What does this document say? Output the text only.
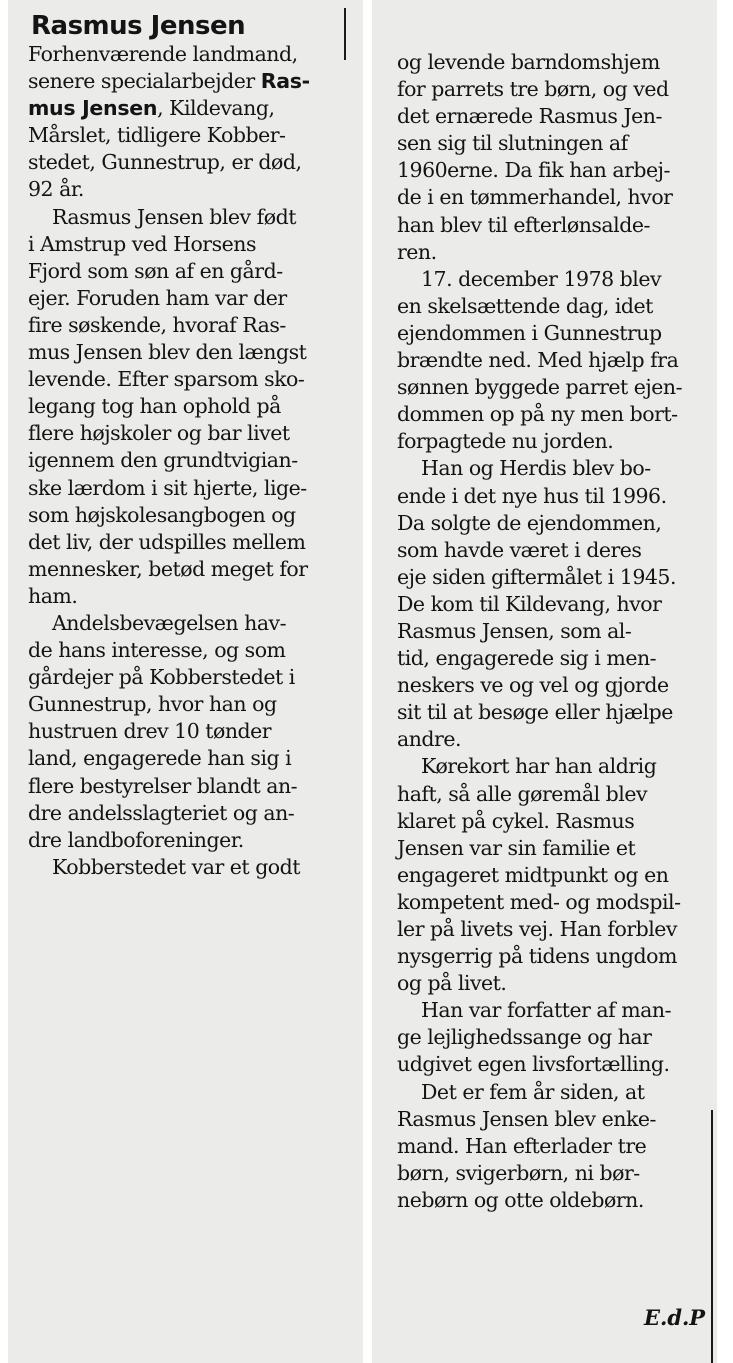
Rasmus Jensen
Forhenværende landmand,
senere specialarbejder Ras-
mus Jensen, Kildevang,
Mårslet, tidligere Kobber-
stedet, Gunnestrup, er død,
92 år.
Rasmus Jensen blev født
i Amstrup ved Horsens
Fjord som søn af en gård-
ejer. Foruden ham var der
fire søskende, hvoraf Ras-
mus Jensen blev den længst
levende. Efter sparsom sko-
legang tog han ophold på
flere højskoler og bar livet
igennem den grundtvigian-
ske lærdom i sit hjerte, lige-
som højskolesangbogen og
det liv, der udspilles mellem
mennesker, betød meget for
ham.
Andelsbevægelsen hav-
de hans interesse, og som
gårdejer på Kobberstedet i
Gunnestrup, hvor han og
hustruen drev 10 tønder
land, engagerede han sig i
flere bestyrelser blandt an-
dre andelsslagteriet og an-
dre landboforeninger.
Kobberstedet var et godt
og levende barndomshjem
for parrets tre børn, og ved
det ernærede Rasmus Jen-
sen sig til slutningen af
1960erne. Da fik han arbej-
de i en tømmerhandel, hvor
han blev til efterlønsalde-
ren.
17. december 1978 blev
en skelsættende dag, idet
ejendommen i Gunnestrup
brændte ned. Med hjælp fra
sønnen byggede parret ejen-
dommen op på ny men bort-
forpagtede nu jorden.
Han og Herdis blev bo-
ende i det nye hus til 1996.
Da solgte de ejendommen,
som havde været i deres
eje siden giftermålet i 1945.
De kom til Kildevang, hvor
Rasmus Jensen, som al-
tid, engagerede sig i men-
neskers ve og vel og gjorde
sit til at besøge eller hjælpe
andre.
Kørekort har han aldrig
haft, så alle gøremål blev
klaret på cykel. Rasmus
Jensen var sin familie et
engageret midtpunkt og en
kompetent med- og modspil-
ler på livets vej. Han forblev
nysgerrig på tidens ungdom
og på livet.
Han var forfatter af man-
ge lejlighedssange og har
udgivet egen livsfortælling.
Det er fem år siden, at
Rasmus Jensen blev enke-
mand. Han efterlader tre
børn, svigerbørn, ni bør-
nebørn og otte oldebørn.
E.d.P
